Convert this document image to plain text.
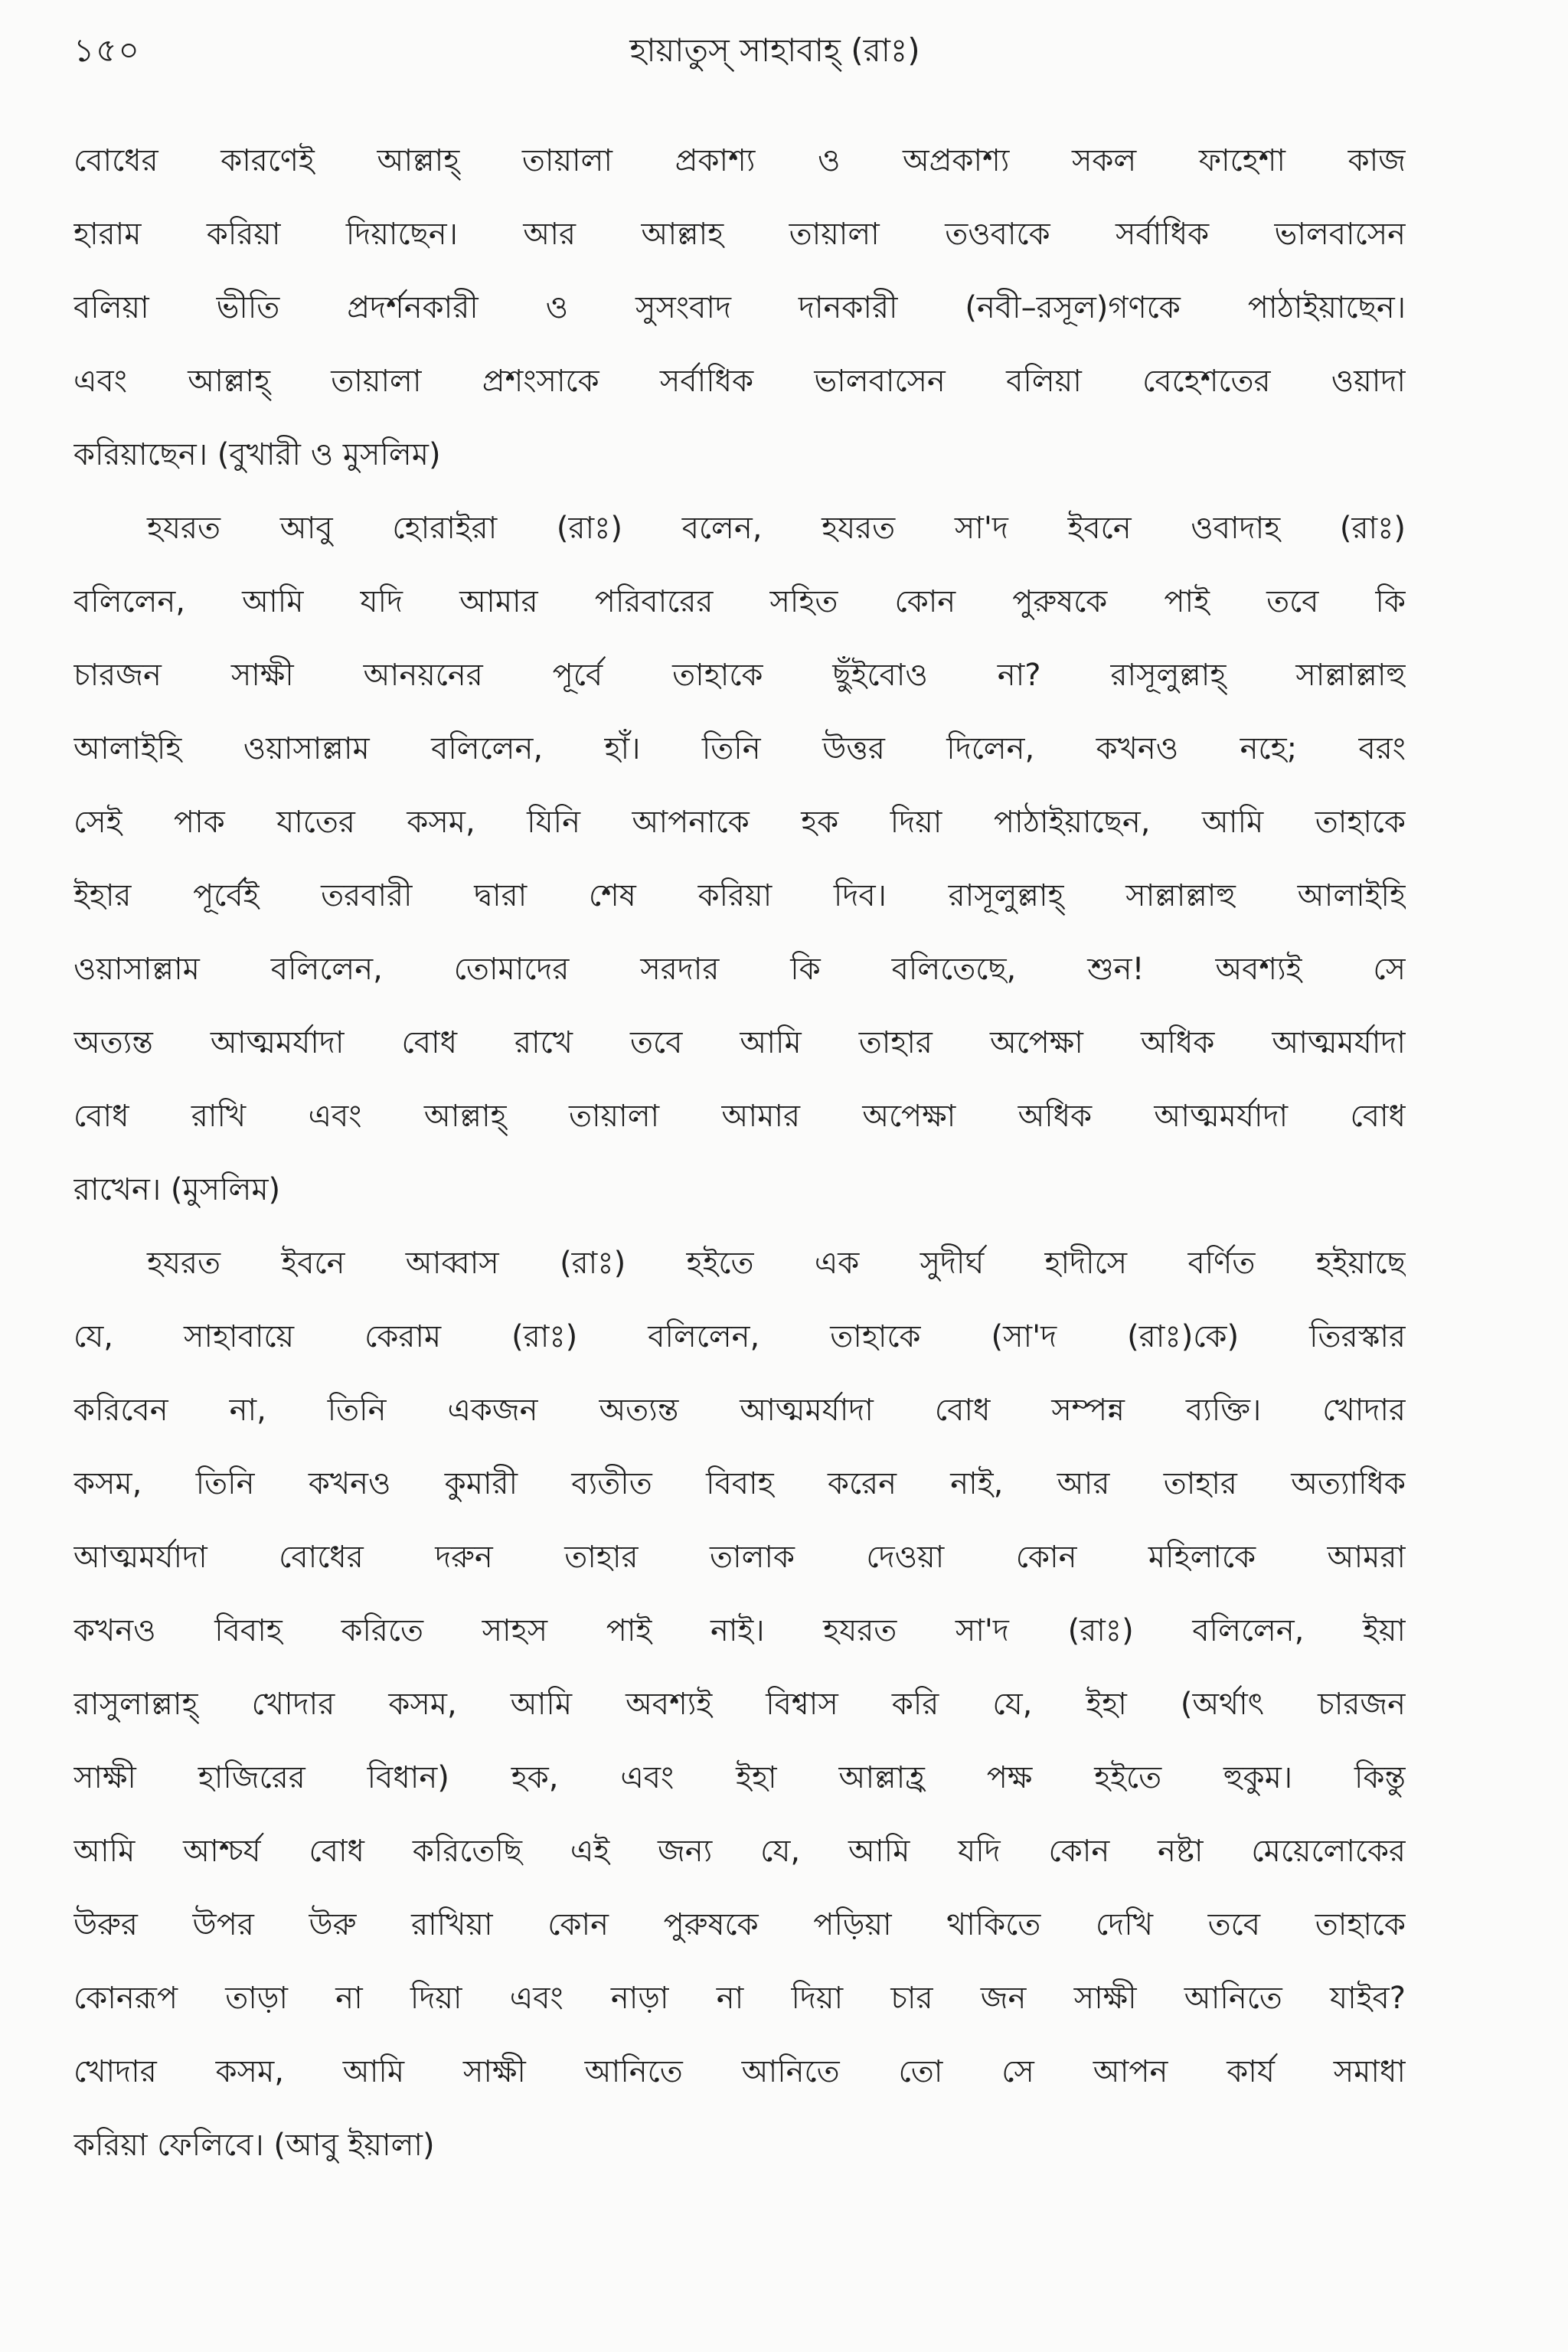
১৫০	হায়াতুস্ সাহাবাহ্ (রাঃ)
বোধের কারণেই আল্লাহ্ তায়ালা প্রকাশ্য ও অপ্রকাশ্য সকল ফাহেশা কাজ
হারাম করিয়া দিয়াছেন। আর আল্লাহ তায়ালা তওবাকে সর্বাধিক ভালবাসেন
বলিয়া ভীতি প্রদর্শনকারী ও সুসংবাদ দানকারী (নবী–রসূল)গণকে পাঠাইয়াছেন।
এবং আল্লাহ্ তায়ালা প্রশংসাকে সর্বাধিক ভালবাসেন বলিয়া বেহেশতের ওয়াদা
করিয়াছেন। (বুখারী ও মুসলিম)
হযরত আবু হোরাইরা (রাঃ) বলেন, হযরত সা'দ ইবনে ওবাদাহ (রাঃ)
বলিলেন, আমি যদি আমার পরিবারের সহিত কোন পুরুষকে পাই তবে কি
চারজন সাক্ষী আনয়নের পূর্বে তাহাকে ছুঁইবোও না? রাসূলুল্লাহ্ সাল্লাল্লাহু
আলাইহি ওয়াসাল্লাম বলিলেন, হাঁ। তিনি উত্তর দিলেন, কখনও নহে; বরং
সেই পাক যাতের কসম, যিনি আপনাকে হক দিয়া পাঠাইয়াছেন, আমি তাহাকে
ইহার পূর্বেই তরবারী দ্বারা শেষ করিয়া দিব। রাসূলুল্লাহ্ সাল্লাল্লাহু আলাইহি
ওয়াসাল্লাম বলিলেন, তোমাদের সরদার কি বলিতেছে, শুন! অবশ্যই সে
অত্যন্ত আত্মমর্যাদা বোধ রাখে তবে আমি তাহার অপেক্ষা অধিক আত্মমর্যাদা
বোধ রাখি এবং আল্লাহ্ তায়ালা আমার অপেক্ষা অধিক আত্মমর্যাদা বোধ
রাখেন। (মুসলিম)
হযরত ইবনে আব্বাস (রাঃ) হইতে এক সুদীর্ঘ হাদীসে বর্ণিত হইয়াছে
যে, সাহাবায়ে কেরাম (রাঃ) বলিলেন, তাহাকে (সা'দ (রাঃ)কে) তিরস্কার
করিবেন না, তিনি একজন অত্যন্ত আত্মমর্যাদা বোধ সম্পন্ন ব্যক্তি। খোদার
কসম, তিনি কখনও কুমারী ব্যতীত বিবাহ করেন নাই, আর তাহার অত্যাধিক
আত্মমর্যাদা বোধের দরুন তাহার তালাক দেওয়া কোন মহিলাকে আমরা
কখনও বিবাহ করিতে সাহস পাই নাই। হযরত সা'দ (রাঃ) বলিলেন, ইয়া
রাসুলাল্লাহ্ খোদার কসম, আমি অবশ্যই বিশ্বাস করি যে, ইহা (অর্থাৎ চারজন
সাক্ষী হাজিরের বিধান) হক, এবং ইহা আল্লাহ্র পক্ষ হইতে হুকুম। কিন্তু
আমি আশ্চর্য বোধ করিতেছি এই জন্য যে, আমি যদি কোন নষ্টা মেয়েলোকের
উরুর উপর উরু রাখিয়া কোন পুরুষকে পড়িয়া থাকিতে দেখি তবে তাহাকে
কোনরূপ তাড়া না দিয়া এবং নাড়া না দিয়া চার জন সাক্ষী আনিতে যাইব?
খোদার কসম, আমি সাক্ষী আনিতে আনিতে তো সে আপন কার্য সমাধা
করিয়া ফেলিবে। (আবু ইয়ালা)
